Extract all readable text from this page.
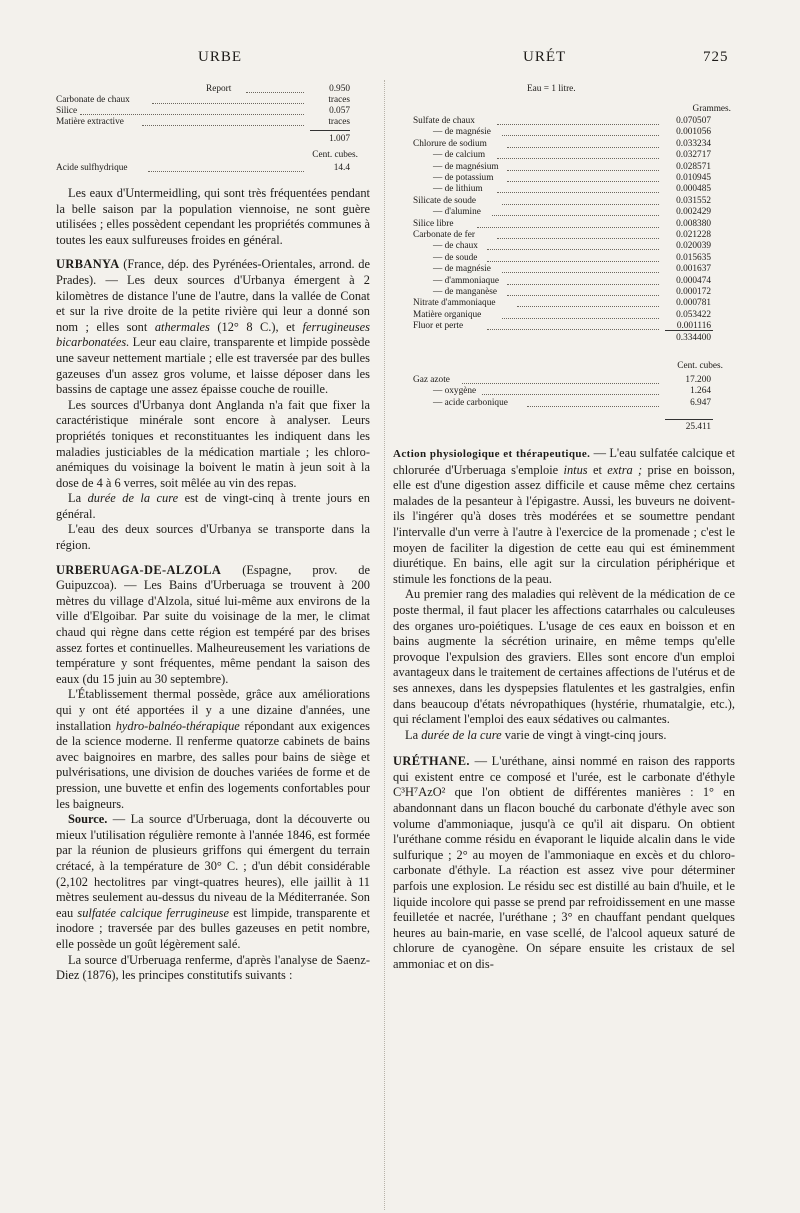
URBE	URÉT	725
Report	0.950
Carbonate de chaux	traces
Silice	0.057
Matière extractive	traces
1.007
Cent. cubes.
Acide sulfhydrique	14.4

Les eaux d'Untermeidling, qui sont très fréquentées pendant la belle saison par la population viennoise, ne sont guère utilisées ; elles possèdent cependant les propriétés communes à toutes les eaux sulfureuses froides en général.

URBANYA (France, dép. des Pyrénées-Orientales, arrond. de Prades). — Les deux sources d'Urbanya émergent à 2 kilomètres de distance l'une de l'autre, dans la vallée de Conat et sur la rive droite de la petite rivière qui leur a donné son nom ; elles sont athermales (12° 8 C.), et ferrugineuses bicarbonatées. Leur eau claire, transparente et limpide possède une saveur nettement martiale ; elle est traversée par des bulles gazeuses d'un assez gros volume, et laisse déposer dans les bassins de captage une assez épaisse couche de rouille.

Les sources d'Urbanya dont Anglanda n'a fait que fixer la caractéristique minérale sont encore à analyser. Leurs propriétés toniques et reconstituantes les indiquent dans les maladies justiciables de la médication martiale ; les chloro-anémiques du voisinage la boivent le matin à jeun soit à la dose de 4 à 6 verres, soit mêlée au vin des repas.

La durée de la cure est de vingt-cinq à trente jours en général.

L'eau des deux sources d'Urbanya se transporte dans la région.

URBERUAGA-DE-ALZOLA (Espagne, prov. de Guipuzcoa). — Les Bains d'Urberuaga se trouvent à 200 mètres du village d'Alzola, situé lui-même aux environs de la ville d'Elgoibar. Par suite du voisinage de la mer, le climat chaud qui règne dans cette région est tempéré par des brises assez fortes et continuelles. Malheureusement les variations de température y sont fréquentes, même pendant la saison des eaux (du 15 juin au 30 septembre).

L'Établissement thermal possède, grâce aux améliorations qui y ont été apportées il y a une dizaine d'années, une installation hydro-balnéo-thérapique répondant aux exigences de la science moderne. Il renferme quatorze cabinets de bains avec baignoires en marbre, des salles pour bains de siège et pulvérisations, une division de douches variées de forme et de pression, une buvette et enfin des logements confortables pour les baigneurs.

Source. — La source d'Urberuaga, dont la découverte ou mieux l'utilisation régulière remonte à l'année 1846, est formée par la réunion de plusieurs griffons qui émergent du terrain crétacé, à la température de 30° C. ; d'un débit considérable (2,102 hectolitres par vingt-quatres heures), elle jaillit à 11 mètres seulement au-dessus du niveau de la Méditerranée. Son eau sulfatée calcique ferrugineuse est limpide, transparente et inodore ; traversée par des bulles gazeuses en petit nombre, elle possède un goût légèrement salé.

La source d'Urberuaga renferme, d'après l'analyse de Saenz-Diez (1876), les principes constitutifs suivants :

Eau = 1 litre.
Grammes.
Sulfate de chaux	0.070507
— de magnésie	0.001056
Chlorure de sodium	0.033234
— de calcium	0.032717
— de magnésium	0.028571
— de potassium	0.010945
— de lithium	0.000485
Silicate de soude	0.031552
— d'alumine	0.002429
Silice libre	0.008380
Carbonate de fer	0.021228
— de chaux	0.020039
— de soude	0.015635
— de magnésie	0.001637
— d'ammoniaque	0.000474
— de manganèse	0.000172
Nitrate d'ammoniaque	0.000781
Matière organique	0.053422
Fluor et perte	0.001116
0.334400
Cent. cubes.
Gaz azote	17.200
— oxygène	1.264
— acide carbonique	6.947
25.411

Action physiologique et thérapeutique. — L'eau sulfatée calcique et chlorurée d'Urberuaga s'emploie intus et extra ; prise en boisson, elle est d'une digestion assez difficile et cause même chez certains malades de la pesanteur à l'épigastre. Aussi, les buveurs ne doivent-ils l'ingérer qu'à doses très modérées et se soumettre pendant l'intervalle d'un verre à l'autre à l'exercice de la promenade ; c'est le moyen de faciliter la digestion de cette eau qui est éminemment diurétique. En bains, elle agit sur la circulation périphérique et stimule les fonctions de la peau.

Au premier rang des maladies qui relèvent de la médication de ce poste thermal, il faut placer les affections catarrhales ou calculeuses des organes uro-poiétiques. L'usage de ces eaux en boisson et en bains augmente la sécrétion urinaire, en même temps qu'elle provoque l'expulsion des graviers. Elles sont encore d'un emploi avantageux dans le traitement de certaines affections de l'utérus et de ses annexes, dans les dyspepsies flatulentes et les gastralgies, enfin dans beaucoup d'états névropathiques (hystérie, rhumatalgie, etc.), qui réclament l'emploi des eaux sédatives ou calmantes.

La durée de la cure varie de vingt à vingt-cinq jours.

URÉTHANE. — L'uréthane, ainsi nommé en raison des rapports qui existent entre ce composé et l'urée, est le carbonate d'éthyle C³H⁷AzO² que l'on obtient de différentes manières : 1° en abandonnant dans un flacon bouché du carbonate d'éthyle avec son volume d'ammoniaque, jusqu'à ce qu'il ait disparu. On obtient l'uréthane comme résidu en évaporant le liquide alcalin dans le vide sulfurique ; 2° au moyen de l'ammoniaque en excès et du chloro-carbonate d'éthyle. La réaction est assez vive pour déterminer parfois une explosion. Le résidu sec est distillé au bain d'huile, et le liquide incolore qui passe se prend par refroidissement en une masse feuilletée et nacrée, l'uréthane ; 3° en chauffant pendant quelques heures au bain-marie, en vase scellé, de l'alcool aqueux saturé de chlorure de cyanogène. On sépare ensuite les cristaux de sel ammoniac et on dis-
